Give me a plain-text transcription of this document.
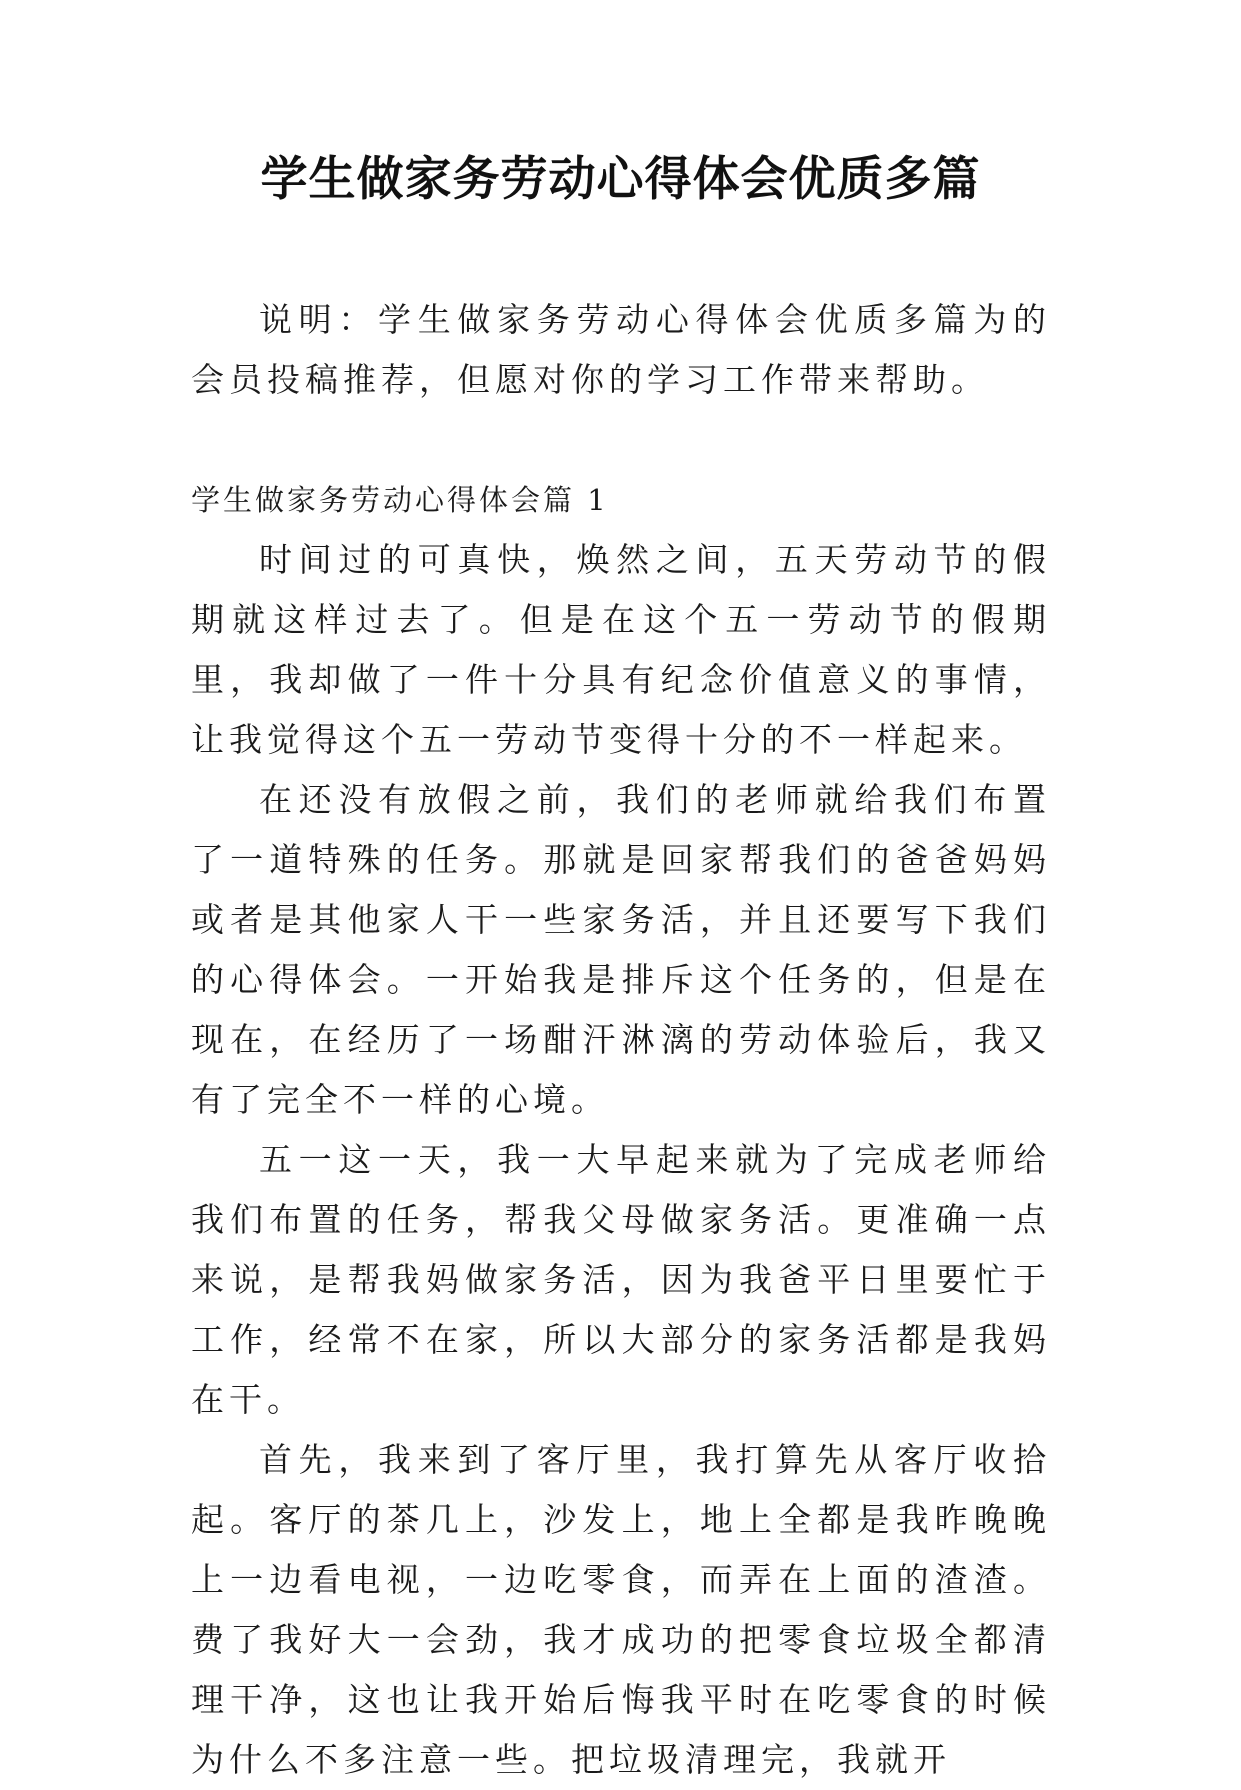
学生做家务劳动心得体会优质多篇

说明：学生做家务劳动心得体会优质多篇为的会员投稿推荐，但愿对你的学习工作带来帮助。

学生做家务劳动心得体会篇 1

时间过的可真快，焕然之间，五天劳动节的假期就这样过去了。但是在这个五一劳动节的假期里，我却做了一件十分具有纪念价值意义的事情，让我觉得这个五一劳动节变得十分的不一样起来。

在还没有放假之前，我们的老师就给我们布置了一道特殊的任务。那就是回家帮我们的爸爸妈妈或者是其他家人干一些家务活，并且还要写下我们的心得体会。一开始我是排斥这个任务的，但是在现在，在经历了一场酣汗淋漓的劳动体验后，我又有了完全不一样的心境。

五一这一天，我一大早起来就为了完成老师给我们布置的任务，帮我父母做家务活。更准确一点来说，是帮我妈做家务活，因为我爸平日里要忙于工作，经常不在家，所以大部分的家务活都是我妈在干。

首先，我来到了客厅里，我打算先从客厅收拾起。客厅的茶几上，沙发上，地上全都是我昨晚晚上一边看电视，一边吃零食，而弄在上面的渣渣。费了我好大一会劲，我才成功的把零食垃圾全都清理干净，这也让我开始后悔我平时在吃零食的时候为什么不多注意一些。把垃圾清理完，我就开
